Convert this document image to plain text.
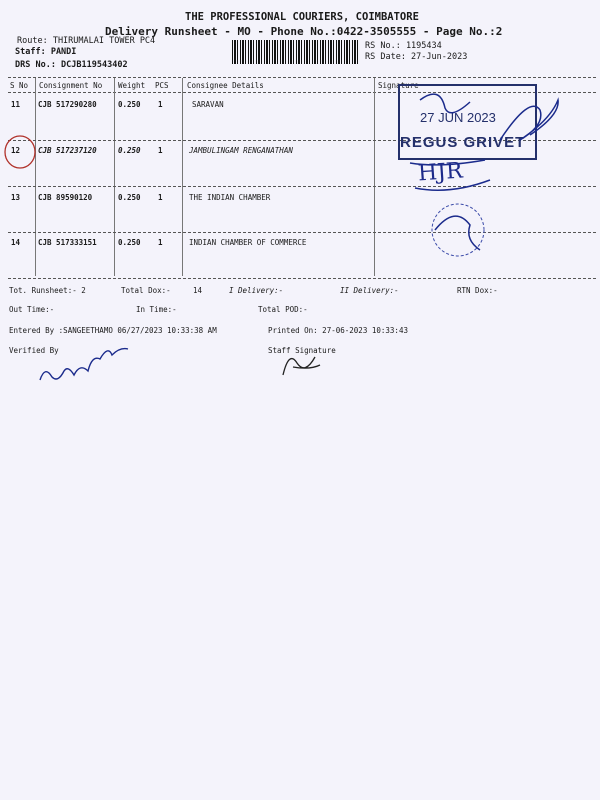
THE PROFESSIONAL COURIERS, COIMBATORE
Delivery Runsheet - MO - Phone No.:0422-3505555 - Page No.:2
Route: THIRUMALAI TOWER PC4
Staff: PANDI
DRS No.: DCJB119543402
RS No.: 1195434
RS Date: 27-Jun-2023
S No Consignment No Weight PCS Consignee Details	Signature
11 CJB 517290280	0.250 1	SARAVAN
12 CJB 517237120	0.250 1	JAMBULINGAM RENGANATHAN
13 CJB 89590120	0.250 1	THE INDIAN CHAMBER
14 CJB 517333151	0.250 1	INDIAN CHAMBER OF COMMERCE
27 JUN 2023
REGUS GRIVET
HJR
Tot. Runsheet:- 2	Total Dox:-	14	I Delivery:-	II Delivery:-	RTN Dox:-
Out Time:-	In Time:-	Total POD:-
Entered By :SANGEETHAMO 06/27/2023 10:33:38 AM	Printed On: 27-06-2023 10:33:43
Verified By	Staff Signature
